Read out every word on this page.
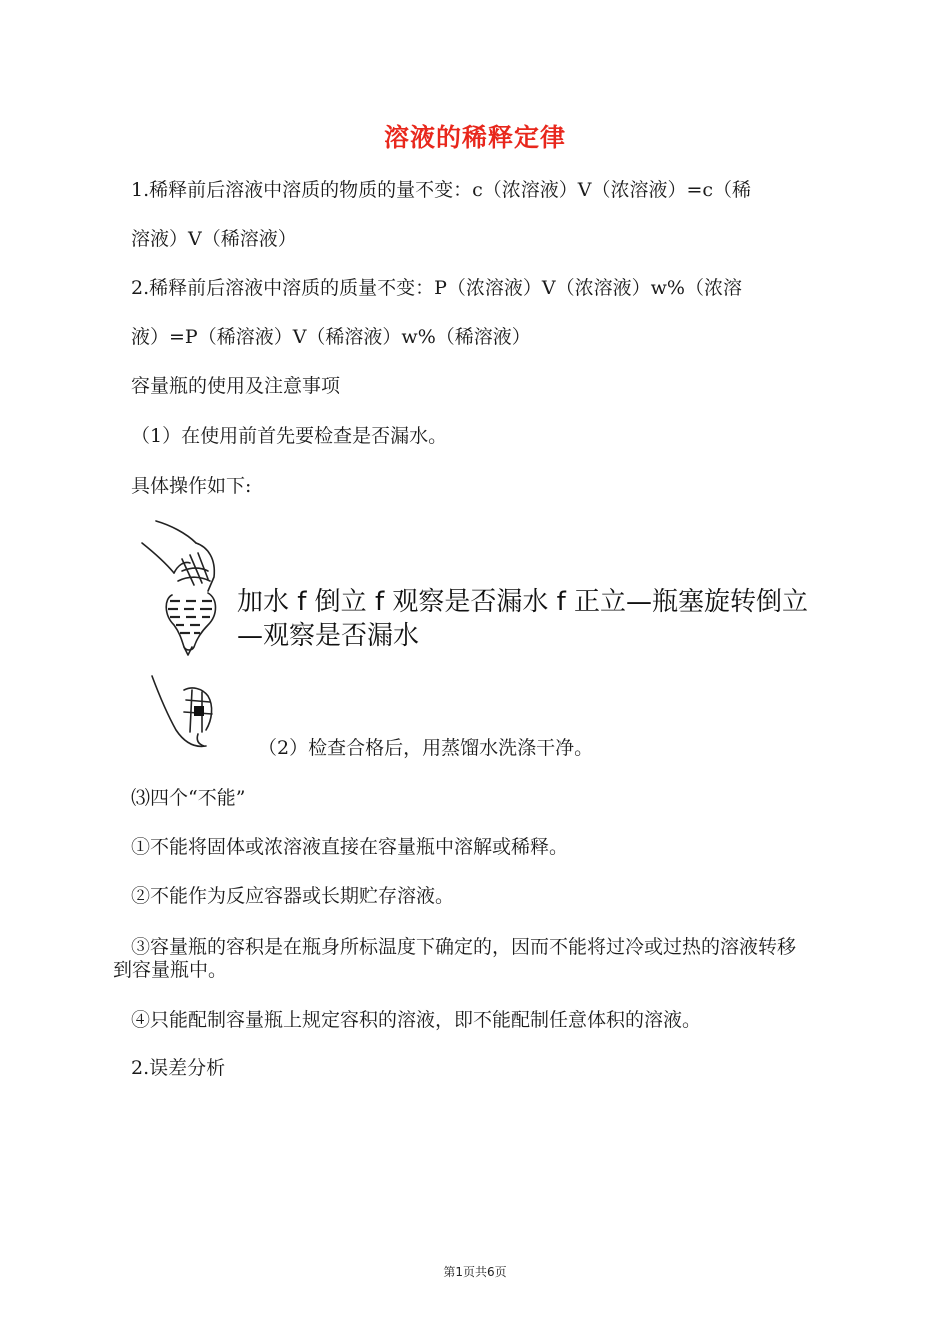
溶液的稀释定律
1.稀释前后溶液中溶质的物质的量不变：c（浓溶液）V（浓溶液）=c（稀
溶液）V（稀溶液）
2.稀释前后溶液中溶质的质量不变：P（浓溶液）V（浓溶液）w%（浓溶
液）=P（稀溶液）V（稀溶液）w%（稀溶液）
容量瓶的使用及注意事项
（1）在使用前首先要检查是否漏水。
具体操作如下:
加水 f 倒立 f 观察是否漏水 f 正立—瓶塞旋转倒立
—观察是否漏水
（2）检查合格后，用蒸馏水洗涤干净。
⑶四个“不能”
①不能将固体或浓溶液直接在容量瓶中溶解或稀释。
②不能作为反应容器或长期贮存溶液。
③容量瓶的容积是在瓶身所标温度下确定的，因而不能将过冷或过热的溶液转移
到容量瓶中。
④只能配制容量瓶上规定容积的溶液，即不能配制任意体积的溶液。
2.误差分析
第1页共6页
